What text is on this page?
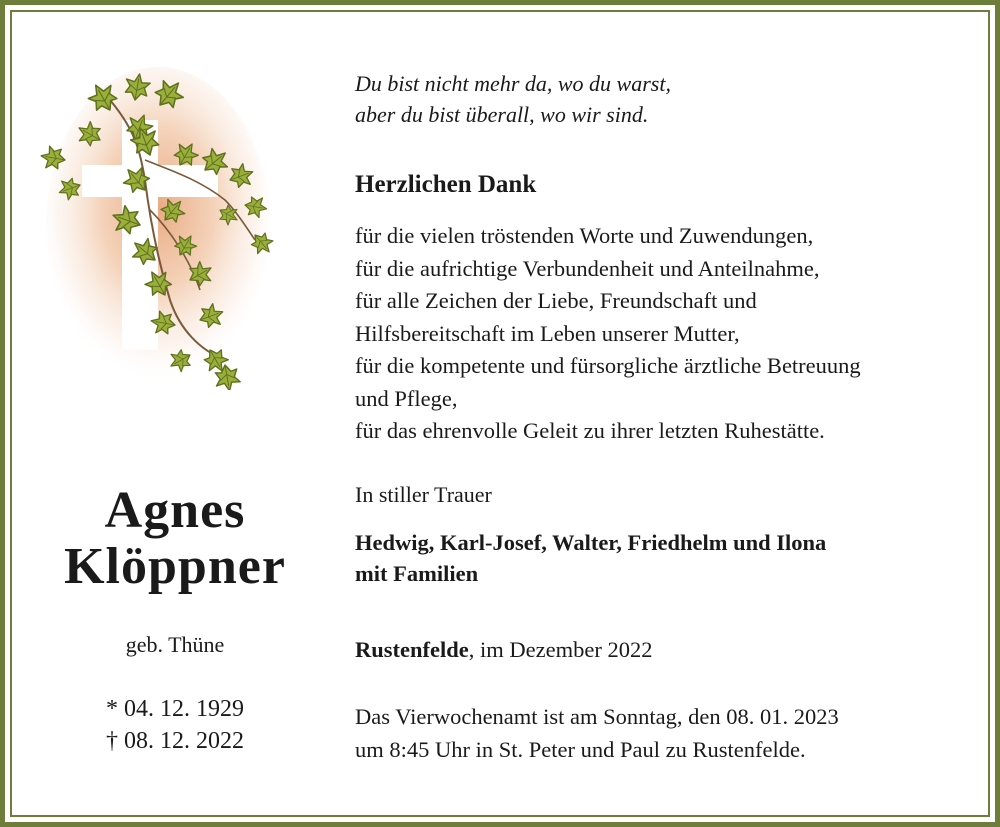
Agnes
Klöppner
geb. Thüne
* 04. 12. 1929
† 08. 12. 2022
Du bist nicht mehr da, wo du warst,
aber du bist überall, wo wir sind.
Herzlichen Dank
für die vielen tröstenden Worte und Zuwendungen,
für die aufrichtige Verbundenheit und Anteilnahme,
für alle Zeichen der Liebe, Freundschaft und
Hilfsbereitschaft im Leben unserer Mutter,
für die kompetente und fürsorgliche ärztliche Betreuung
und Pflege,
für das ehrenvolle Geleit zu ihrer letzten Ruhestätte.
In stiller Trauer
Hedwig, Karl-Josef, Walter, Friedhelm und Ilona
mit Familien
Rustenfelde, im Dezember 2022
Das Vierwochenamt ist am Sonntag, den 08. 01. 2023
um 8:45 Uhr in St. Peter und Paul zu Rustenfelde.
